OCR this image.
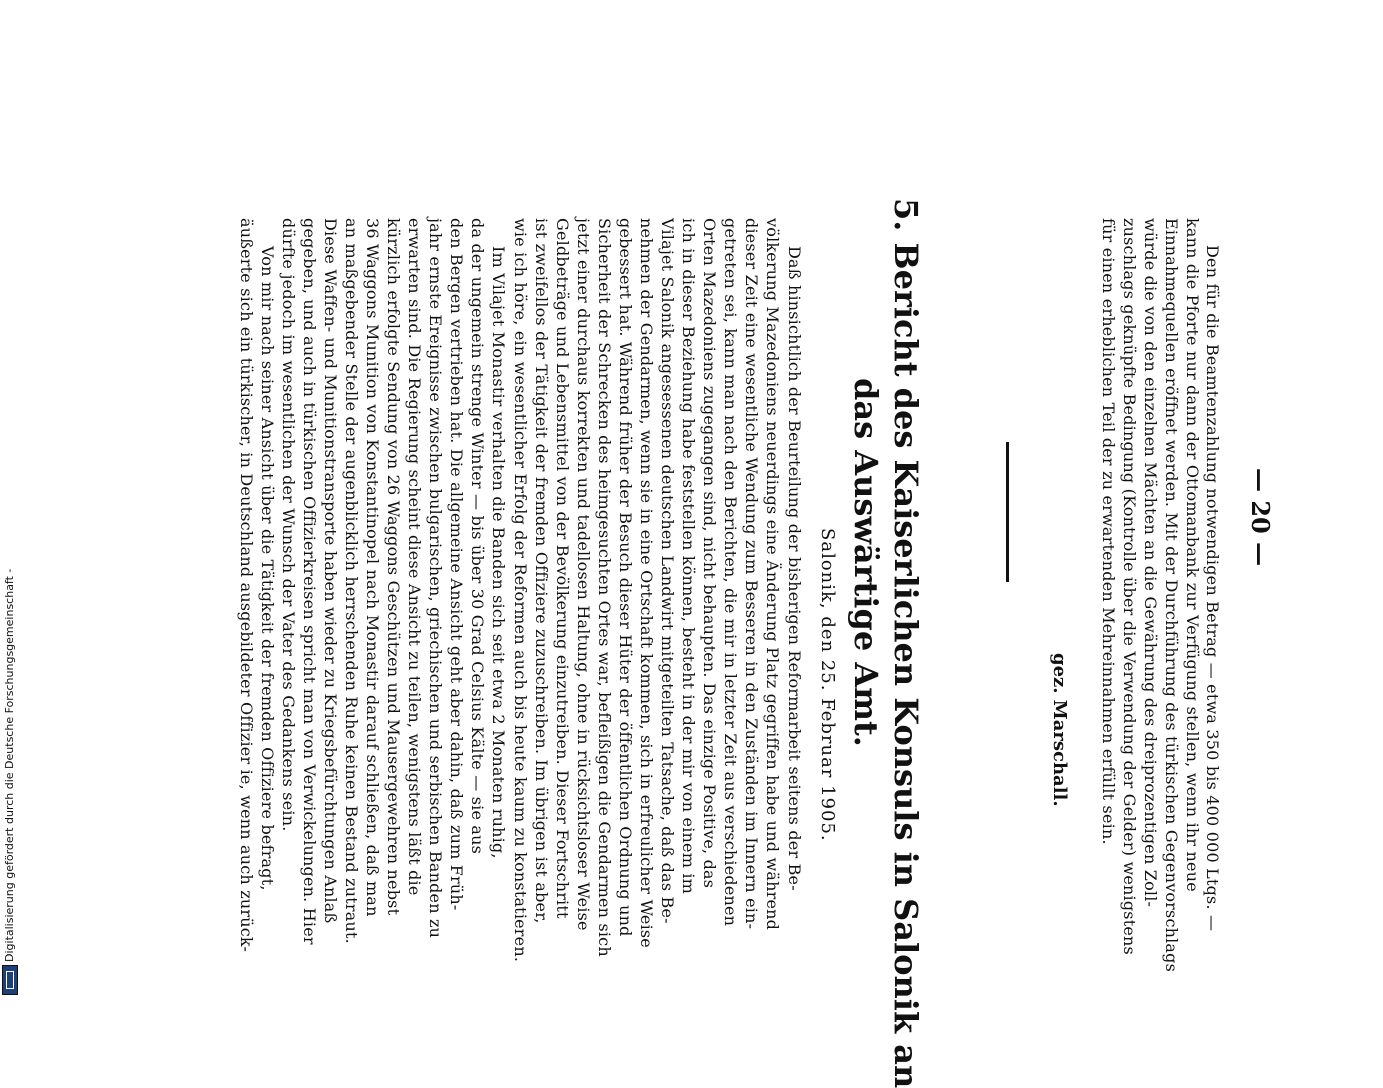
— 20 —
Den für die Beamtenzahlung notwendigen Betrag — etwa 350 bis 400 000 Ltqs. —
kann die Pforte nur dann der Ottomanbank zur Verfügung stellen, wenn ihr neue
Einnahmequellen eröffnet werden. Mit der Durchführung des türkischen Gegenvorschlags
würde die von den einzelnen Mächten an die Gewährung des dreiprozentigen Zoll-
zuschlags geknüpfte Bedingung (Kontrolle über die Verwendung der Gelder) wenigstens
für einen erheblichen Teil der zu erwartenden Mehreinnahmen erfüllt sein.
gez. Marschall.
5. Bericht des Kaiserlichen Konsuls in Salonik an
das Auswärtige Amt.
Salonik, den 25. Februar 1905.
Daß hinsichtlich der Beurteilung der bisherigen Reformarbeit seitens der Be-
völkerung Mazedoniens neuerdings eine Änderung Platz gegriffen habe und während
dieser Zeit eine wesentliche Wendung zum Besseren in den Zuständen im Innern ein-
getreten sei, kann man nach den Berichten, die mir in letzter Zeit aus verschiedenen
Orten Mazedoniens zugegangen sind, nicht behaupten. Das einzige Positive, das
ich in dieser Beziehung habe feststellen können, besteht in der mir von einem im
Vilajet Salonik angesessenen deutschen Landwirt mitgeteilten Tatsache, daß das Be-
nehmen der Gendarmen, wenn sie in eine Ortschaft kommen, sich in erfreulicher Weise
gebessert hat. Während früher der Besuch dieser Hüter der öffentlichen Ordnung und
Sicherheit der Schrecken des heimgesuchten Ortes war, befleißigen die Gendarmen sich
jetzt einer durchaus korrekten und tadellosen Haltung, ohne in rücksichtsloser Weise
Geldbeträge und Lebensmittel von der Bevölkerung einzutreiben. Dieser Fortschritt
ist zweifellos der Tätigkeit der fremden Offiziere zuzuschreiben. Im übrigen ist aber,
wie ich höre, ein wesentlicher Erfolg der Reformen auch bis heute kaum zu konstatieren.
Im Vilajet Monastir verhalten die Banden sich seit etwa 2 Monaten ruhig,
da der ungemein strenge Winter — bis über 30 Grad Celsius Kälte — sie aus
den Bergen vertrieben hat. Die allgemeine Ansicht geht aber dahin, daß zum Früh-
jahr ernste Ereignisse zwischen bulgarischen, griechischen und serbischen Banden zu
erwarten sind. Die Regierung scheint diese Ansicht zu teilen, wenigstens läßt die
kürzlich erfolgte Sendung von 26 Waggons Geschützen und Mausergewehren nebst
36 Waggons Munition von Konstantinopel nach Monastir darauf schließen, daß man
an maßgebender Stelle der augenblicklich herrschenden Ruhe keinen Bestand zutraut.
Diese Waffen- und Munitionstransporte haben wieder zu Kriegsbefürchtungen Anlaß
gegeben, und auch in türkischen Offizierkreisen spricht man von Verwickelungen. Hier
dürfte jedoch im wesentlichen der Wunsch der Vater des Gedankens sein.
Von mir nach seiner Ansicht über die Tätigkeit der fremden Offiziere befragt,
äußerte sich ein türkischer, in Deutschland ausgebildeter Offizier ie, wenn auch zurück-
Digitalisierung gefördert durch die Deutsche Forschungsgemeinschaft -
